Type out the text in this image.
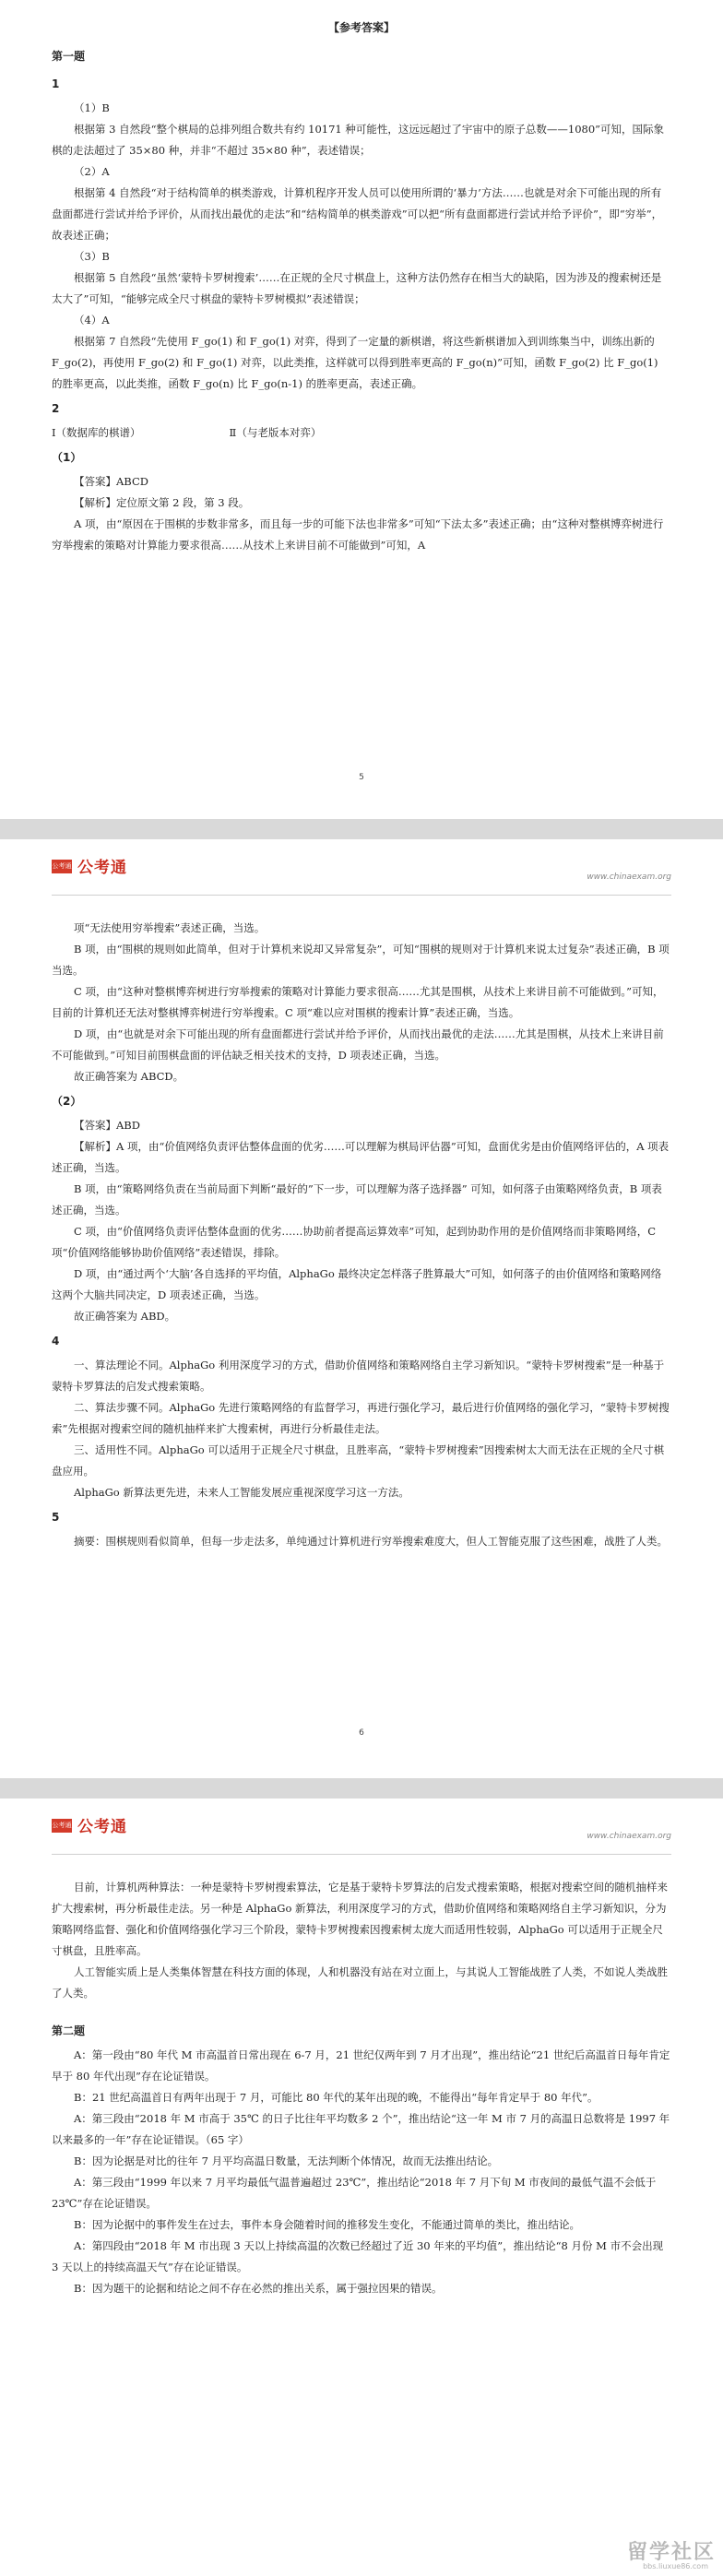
【参考答案】

第一题

1

（1）B

根据第 3 自然段“整个棋局的总排列组合数共有约 10171 种可能性，这远远超过了宇宙中的原子总数——1080”可知，国际象棋的走法超过了 35×80 种，并非“不超过 35×80 种”，表述错误；

（2）A

根据第 4 自然段“对于结构简单的棋类游戏，计算机程序开发人员可以使用所谓的‘暴力’方法……也就是对余下可能出现的所有盘面都进行尝试并给予评价，从而找出最优的走法”和“结构简单的棋类游戏”可以把“所有盘面都进行尝试并给予评价”，即“穷举”，故表述正确；

（3）B

根据第 5 自然段“虽然‘蒙特卡罗树搜索’……在正规的全尺寸棋盘上，这种方法仍然存在相当大的缺陷，因为涉及的搜索树还是太大了”可知，“能够完成全尺寸棋盘的蒙特卡罗树模拟”表述错误；

（4）A

根据第 7 自然段“先使用 F_go(1) 和 F_go(1) 对弈，得到了一定量的新棋谱，将这些新棋谱加入到训练集当中，训练出新的 F_go(2)，再使用 F_go(2) 和 F_go(1) 对弈，以此类推，这样就可以得到胜率更高的 F_go(n)”可知，函数 F_go(2) 比 F_go(1) 的胜率更高，以此类推，函数 F_go(n) 比 F_go(n-1) 的胜率更高，表述正确。

2

Ⅰ（数据库的棋谱）	Ⅱ（与老版本对弈）

（1）

【答案】ABCD

【解析】定位原文第 2 段，第 3 段。

A 项，由“原因在于围棋的步数非常多，而且每一步的可能下法也非常多”可知“下法太多”表述正确；由“这种对整棋博弈树进行穷举搜索的策略对计算能力要求很高……从技术上来讲目前不可能做到”可知，A

5
公考通 公考通	www.chinaexam.org

项“无法使用穷举搜索”表述正确，当选。

B 项，由“围棋的规则如此简单，但对于计算机来说却又异常复杂”，可知“围棋的规则对于计算机来说太过复杂”表述正确，B 项当选。

C 项，由“这种对整棋博弈树进行穷举搜索的策略对计算能力要求很高……尤其是围棋，从技术上来讲目前不可能做到。”可知，目前的计算机还无法对整棋博弈树进行穷举搜索。C 项“难以应对围棋的搜索计算”表述正确，当选。

D 项，由“也就是对余下可能出现的所有盘面都进行尝试并给予评价，从而找出最优的走法……尤其是围棋，从技术上来讲目前不可能做到。”可知目前围棋盘面的评估缺乏相关技术的支持，D 项表述正确，当选。

故正确答案为 ABCD。

（2）

【答案】ABD

【解析】A 项，由“价值网络负责评估整体盘面的优劣……可以理解为棋局评估器”可知，盘面优劣是由价值网络评估的，A 项表述正确，当选。

B 项，由“策略网络负责在当前局面下判断“最好的”下一步，可以理解为落子选择器” 可知，如何落子由策略网络负责，B 项表述正确，当选。

C 项，由“价值网络负责评估整体盘面的优劣……协助前者提高运算效率”可知，起到协助作用的是价值网络而非策略网络，C 项“价值网络能够协助价值网络”表述错误，排除。

D 项，由“通过两个‘大脑’各自选择的平均值，AlphaGo 最终决定怎样落子胜算最大”可知，如何落子的由价值网络和策略网络这两个大脑共同决定，D 项表述正确，当选。

故正确答案为 ABD。

4

一、算法理论不同。AlphaGo 利用深度学习的方式，借助价值网络和策略网络自主学习新知识。“蒙特卡罗树搜索”是一种基于蒙特卡罗算法的启发式搜索策略。

二、算法步骤不同。AlphaGo 先进行策略网络的有监督学习，再进行强化学习，最后进行价值网络的强化学习，“蒙特卡罗树搜索”先根据对搜索空间的随机抽样来扩大搜索树，再进行分析最佳走法。

三、适用性不同。AlphaGo 可以适用于正规全尺寸棋盘，且胜率高，“蒙特卡罗树搜索”因搜索树太大而无法在正规的全尺寸棋盘应用。

AlphaGo 新算法更先进，未来人工智能发展应重视深度学习这一方法。

5

摘要：围棋规则看似简单，但每一步走法多，单纯通过计算机进行穷举搜索难度大，但人工智能克服了这些困难，战胜了人类。

6
公考通 公考通	www.chinaexam.org

目前，计算机两种算法：一种是蒙特卡罗树搜索算法，它是基于蒙特卡罗算法的启发式搜索策略，根据对搜索空间的随机抽样来扩大搜索树，再分析最佳走法。另一种是 AlphaGo 新算法，利用深度学习的方式，借助价值网络和策略网络自主学习新知识，分为策略网络监督、强化和价值网络强化学习三个阶段，蒙特卡罗树搜索因搜索树太庞大而适用性较弱，AlphaGo 可以适用于正规全尺寸棋盘，且胜率高。

人工智能实质上是人类集体智慧在科技方面的体现，人和机器没有站在对立面上，与其说人工智能战胜了人类，不如说人类战胜了人类。

第二题

A：第一段由“80 年代 M 市高温首日常出现在 6-7 月，21 世纪仅两年到 7 月才出现”，推出结论“21 世纪后高温首日每年肯定早于 80 年代出现”存在论证错误。

B：21 世纪高温首日有两年出现于 7 月，可能比 80 年代的某年出现的晚，不能得出“每年肯定早于 80 年代”。

A：第三段由“2018 年 M 市高于 35℃ 的日子比往年平均数多 2 个”，推出结论“这一年 M 市 7 月的高温日总数将是 1997 年以来最多的一年”存在论证错误。（65 字）

B：因为论据是对比的往年 7 月平均高温日数量，无法判断个体情况，故而无法推出结论。

A：第三段由“1999 年以来 7 月平均最低气温普遍超过 23℃”，推出结论“2018 年 7 月下旬 M 市夜间的最低气温不会低于 23℃”存在论证错误。

B：因为论据中的事件发生在过去，事件本身会随着时间的推移发生变化，不能通过简单的类比，推出结论。

A：第四段由“2018 年 M 市出现 3 天以上持续高温的次数已经超过了近 30 年来的平均值”，推出结论“8 月份 M 市不会出现 3 天以上的持续高温天气”存在论证错误。

B：因为题干的论据和结论之间不存在必然的推出关系，属于强拉因果的错误。

留学社区
bbs.liuxue86.com
